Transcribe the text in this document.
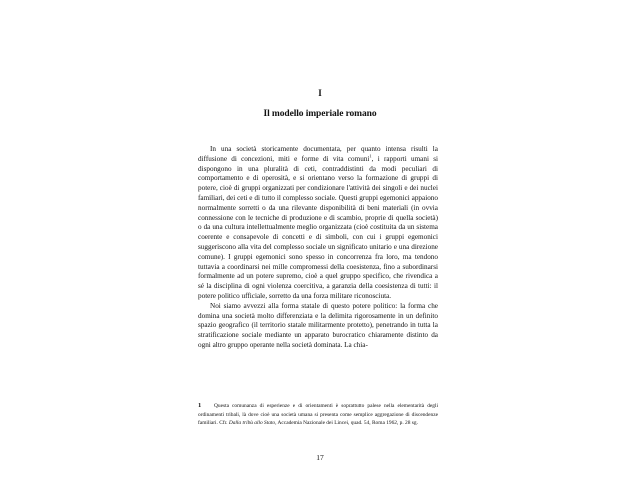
I
Il modello imperiale romano

In una società storicamente documentata, per quanto intensa risulti la diffusione di concezioni, miti e forme di vita comuni$^1$, i rapporti umani si dispongono in una pluralità di ceti, contraddistinti da modi peculiari di comportamento e di operosità, e si orientano verso la formazione di gruppi di potere, cioè di gruppi organizzati per condizionare l'attività dei singoli e dei nuclei familiari, dei ceti e di tutto il complesso sociale. Questi gruppi egemonici appaiono normalmente sorretti o da una rilevante disponibilità di beni materiali (in ovvia connessione con le tecniche di produzione e di scambio, proprie di quella società) o da una cultura intellettualmente meglio organizzata (cioè costituita da un sistema coerente e consapevole di concetti e di simboli, con cui i gruppi egemonici suggeriscono alla vita del complesso sociale un significato unitario e una direzione comune). I gruppi egemonici sono spesso in concorrenza fra loro, ma tendono tuttavia a coordinarsi nei mille compromessi della coesistenza, fino a subordinarsi formalmente ad un potere supremo, cioè a quel gruppo specifico, che rivendica a sé la disciplina di ogni violenza coercitiva, a garanzia della coesistenza di tutti: il potere politico ufficiale, sorretto da una forza militare riconosciuta.

Noi siamo avvezzi alla forma statale di questo potere politico: la forma che domina una società molto differenziata e la delimita rigorosamente in un definito spazio geografico (il territorio statale militarmente protetto), penetrando in tutta la stratificazione sociale mediante un apparato burocratico chiaramente distinto da ogni altro gruppo operante nella società dominata. La chia-

1 Questa comunanza di esperienze e di orientamenti è soprattutto palese nella elementarità degli ordinamenti tribali, là dove cioè una società umana si presenta come semplice aggregazione di discendenze familiari. Cfr. Dalla tribù allo Stato, Accademia Nazionale dei Lincei, quad. 54, Roma 1962, p. 28 sg.
17
